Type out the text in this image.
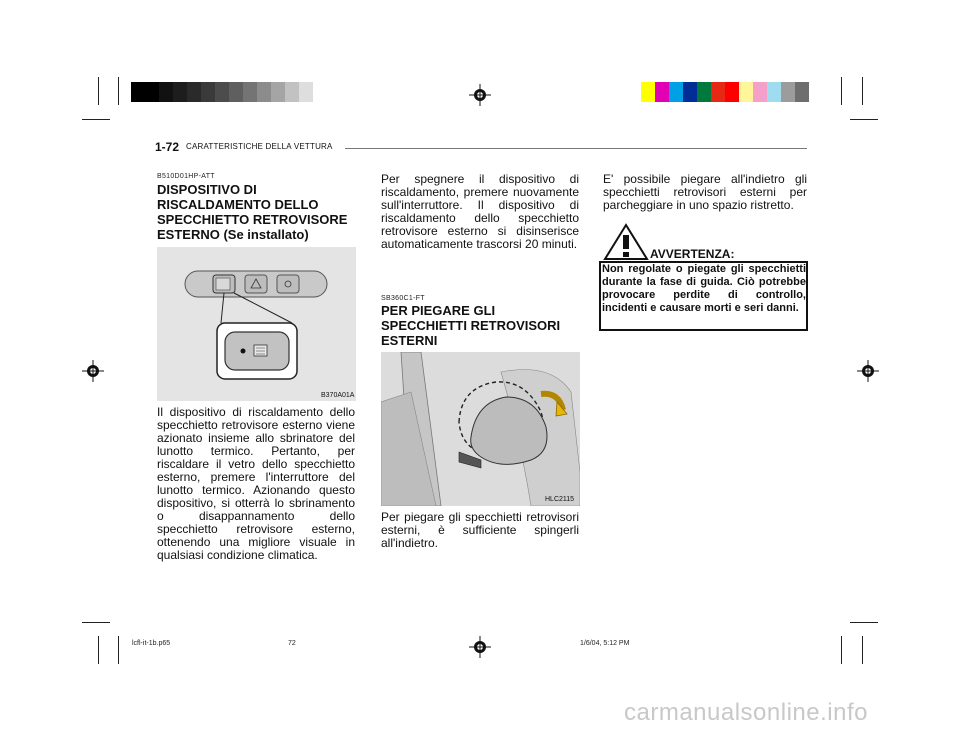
1-72 CARATTERISTICHE DELLA VETTURA
B510D01HP-ATT
DISPOSITIVO DI RISCALDAMENTO DELLO SPECCHIETTO RETROVISORE ESTERNO (Se installato)
B370A01A
Il dispositivo di riscaldamento dello specchietto retrovisore esterno viene azionato insieme allo sbrinatore del lunotto termico. Pertanto, per riscaldare il vetro dello specchietto esterno, premere l'interruttore del lunotto termico. Azionando questo dispositivo, si otterrà lo sbrinamento o disappannamento dello specchietto retrovisore esterno, ottenendo una migliore visuale in qualsiasi condizione climatica.
Per spegnere il dispositivo di riscaldamento, premere nuovamente sull'interruttore. Il dispositivo di riscaldamento dello specchietto retrovisore esterno si disinserisce automaticamente trascorsi 20 minuti.
SB360C1-FT
PER PIEGARE GLI SPECCHIETTI RETROVISORI ESTERNI
HLC2115
Per piegare gli specchietti retrovisori esterni, è sufficiente spingerli all'indietro.
E' possibile piegare all'indietro gli specchietti retrovisori esterni per parcheggiare in uno spazio ristretto.
AVVERTENZA:
Non regolate o piegate gli specchietti durante la fase di guida. Ciò potrebbe provocare perdite di controllo, incidenti e causare morti e seri danni.
lcfl-it-1b.p65	72	1/6/04, 5:12 PM
carmanualsonline.info
